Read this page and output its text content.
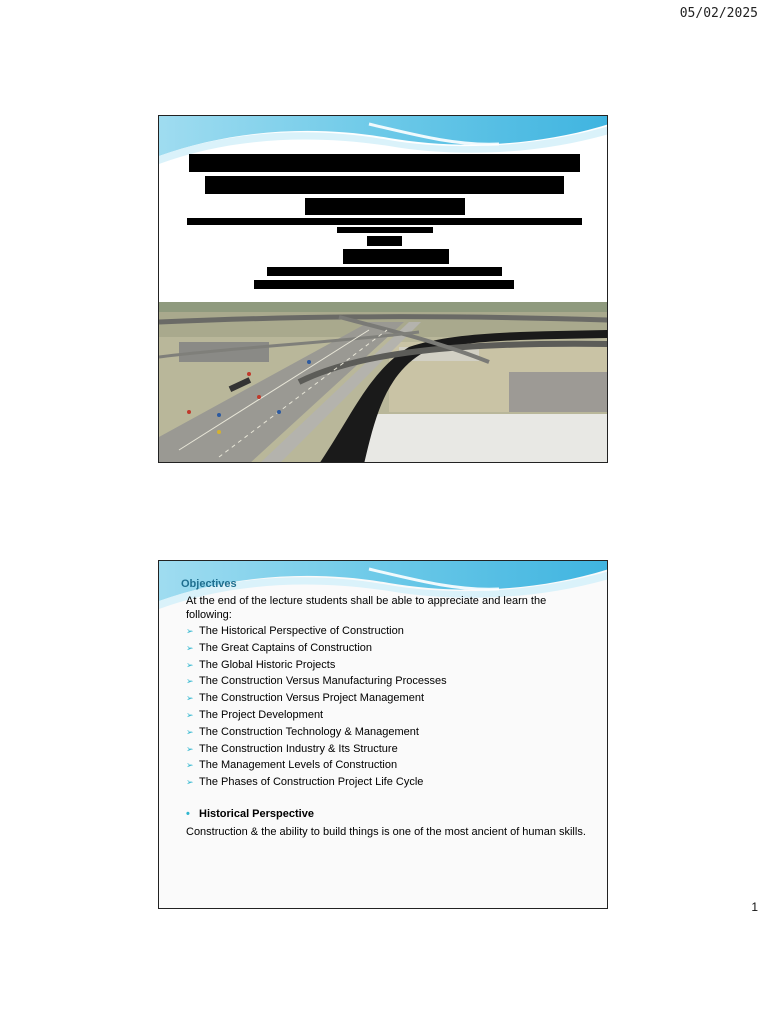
05/02/2025
Objectives
At the end of the lecture students shall be able to appreciate and learn the following:
➢ The Historical Perspective of Construction
➢ The Great Captains of Construction
➢ The Global Historic Projects
➢ The Construction Versus Manufacturing Processes
➢ The Construction Versus Project Management
➢ The Project Development
➢ The Construction Technology & Management
➢ The Construction Industry & Its Structure
➢ The Management Levels of Construction
➢ The Phases of Construction Project Life Cycle
• Historical Perspective
Construction & the ability to build things is one of the most ancient of human skills.
1
